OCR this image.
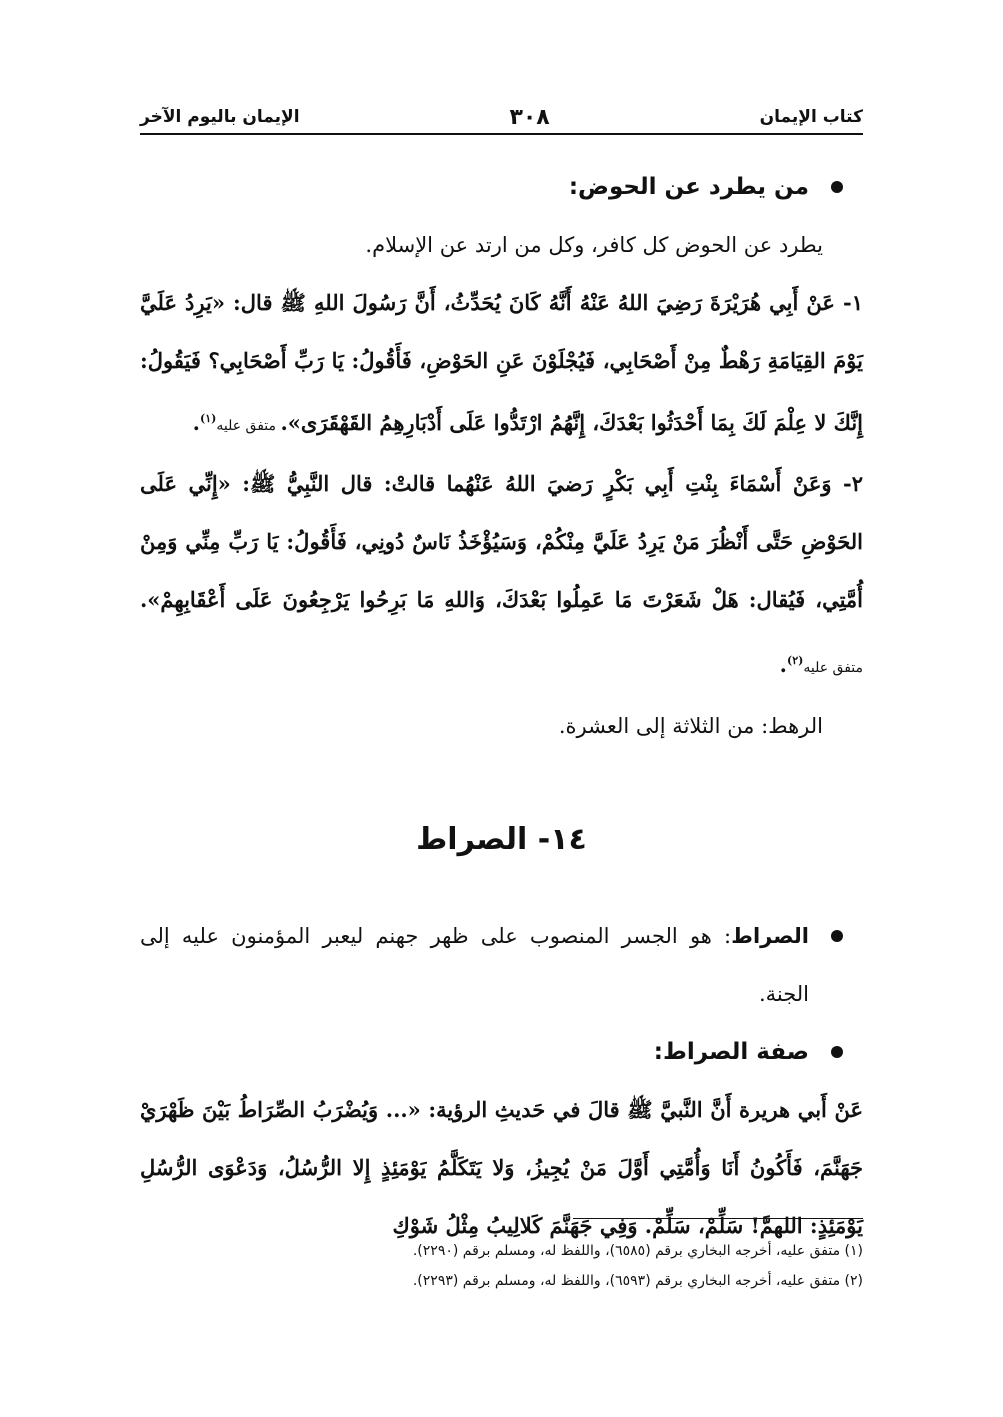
كتاب الإيمان
٣٠٨
الإيمان باليوم الآخر
من يطرد عن الحوض:

يطرد عن الحوض كل كافر، وكل من ارتد عن الإسلام.

١- عَنْ أَبِي هُرَيْرَةَ رَضِيَ اللهُ عَنْهُ أَنَّهُ كَانَ يُحَدِّثُ، أَنَّ رَسُولَ اللهِ ﷺ قال: «يَرِدُ عَلَيَّ يَوْمَ القِيَامَةِ رَهْطٌ مِنْ أَصْحَابِي، فَيُجْلَوْنَ عَنِ الحَوْضِ، فَأَقُولُ: يَا رَبِّ أَصْحَابِي؟ فَيَقُولُ: إِنَّكَ لا عِلْمَ لَكَ بِمَا أَحْدَثُوا بَعْدَكَ، إِنَّهُمُ ارْتَدُّوا عَلَى أَدْبَارِهِمُ القَهْقَرَى». متفق عليه$^{(١)}$.

٢- وَعَنْ أَسْمَاءَ بِنْتِ أَبِي بَكْرٍ رَضيَ اللهُ عَنْهُما قالتْ: قال النَّبِيُّ ﷺ: «إِنِّي عَلَى الحَوْضِ حَتَّى أَنْظُرَ مَنْ يَرِدُ عَلَيَّ مِنْكُمْ، وَسَيُؤْخَذُ نَاسٌ دُونِي، فَأَقُولُ: يَا رَبِّ مِنِّي وَمِنْ أُمَّتِي، فَيُقال: هَلْ شَعَرْتَ مَا عَمِلُوا بَعْدَكَ، وَاللهِ مَا بَرِحُوا يَرْجِعُونَ عَلَى أَعْقَابِهِمْ». متفق عليه$^{(٢)}$.

الرهط: من الثلاثة إلى العشرة.

١٤- الصراط
الصراط: هو الجسر المنصوب على ظهر جهنم ليعبر المؤمنون عليه إلى الجنة.
صفة الصراط:

عَنْ أَبي هريرة أَنَّ النَّبيَّ ﷺ قالَ في حَديثِ الرؤية: «... وَيُضْرَبُ الصِّرَاطُ بَيْنَ ظَهْرَيْ جَهَنَّمَ، فَأَكُونُ أَنَا وَأُمَّتِي أَوَّلَ مَنْ يُجِيزُ، وَلا يَتَكَلَّمُ يَوْمَئِذٍ إِلا الرُّسُلُ، وَدَعْوَى الرُّسُلِ يَوْمَئِذٍ: اللهمَّ! سَلِّمْ، سَلِّمْ. وَفِي جَهَنَّمَ كَلالِيبُ مِثْلُ شَوْكِ

(١) متفق عليه، أخرجه البخاري برقم (٦٥٨٥)، واللفظ له، ومسلم برقم (٢٢٩٠).
(٢) متفق عليه، أخرجه البخاري برقم (٦٥٩٣)، واللفظ له، ومسلم برقم (٢٢٩٣).
